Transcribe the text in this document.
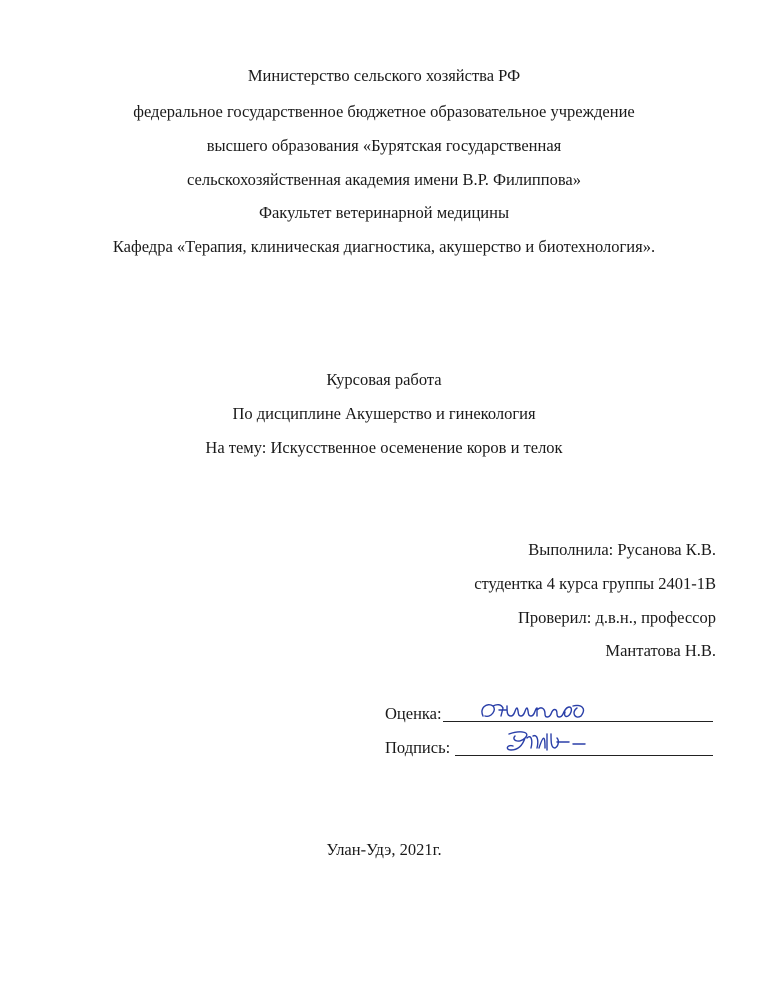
Министерство сельского хозяйства РФ
федеральное государственное бюджетное образовательное учреждение
высшего образования «Бурятская государственная
сельскохозяйственная академия имени В.Р. Филиппова»
Факультет ветеринарной медицины
Кафедра «Терапия, клиническая диагностика, акушерство и биотехнология».
Курсовая работа
По дисциплине Акушерство и гинекология
На тему: Искусственное осеменение коров и телок
Выполнила: Русанова К.В.
студентка 4 курса группы 2401-1В
Проверил: д.в.н., профессор
Мантатова Н.В.
Оценка:
Подпись:
Улан-Удэ, 2021г.
